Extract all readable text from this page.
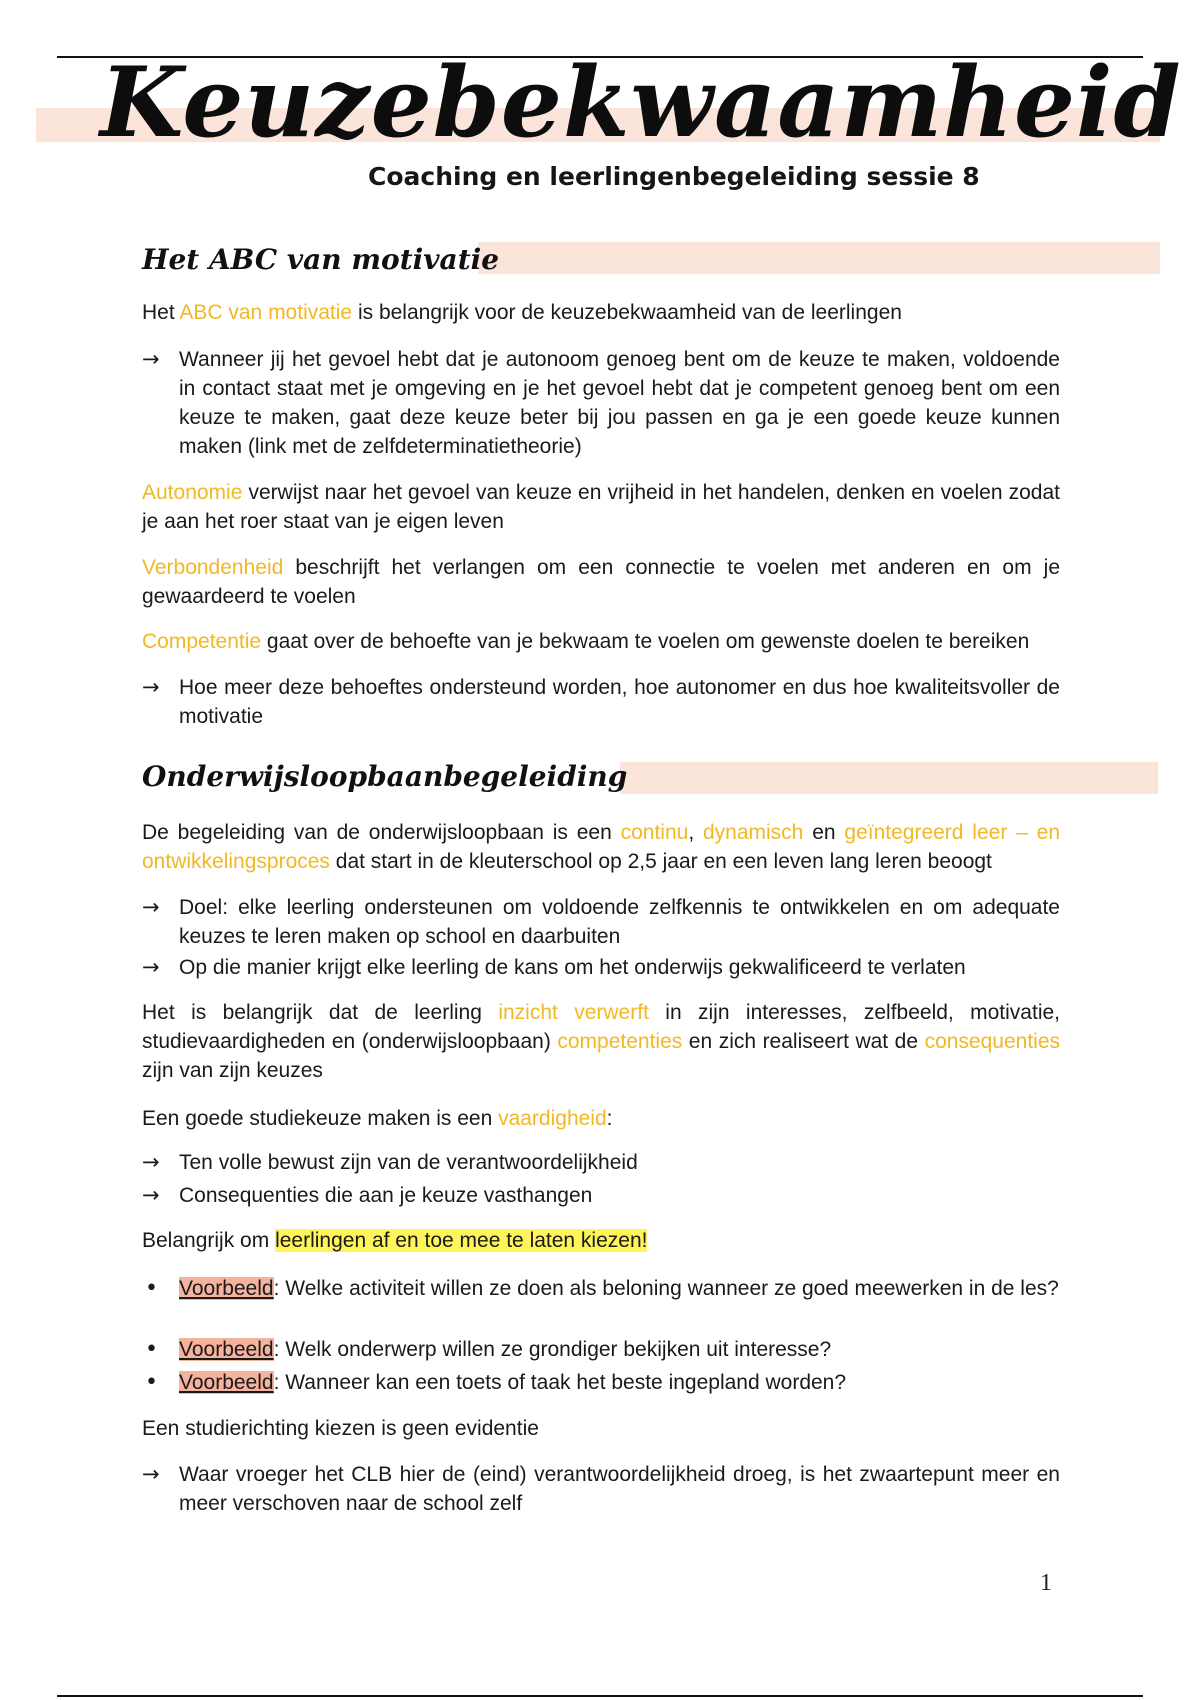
Keuzebekwaamheid
Coaching en leerlingenbegeleiding sessie 8
Het ABC van motivatie

Het ABC van motivatie is belangrijk voor de keuzebekwaamheid van de leerlingen

→ Wanneer jij het gevoel hebt dat je autonoom genoeg bent om de keuze te maken, voldoende in contact staat met je omgeving en je het gevoel hebt dat je competent genoeg bent om een keuze te maken, gaat deze keuze beter bij jou passen en ga je een goede keuze kunnen maken (link met de zelfdeterminatietheorie)

Autonomie verwijst naar het gevoel van keuze en vrijheid in het handelen, denken en voelen zodat je aan het roer staat van je eigen leven

Verbondenheid beschrijft het verlangen om een connectie te voelen met anderen en om je gewaardeerd te voelen

Competentie gaat over de behoefte van je bekwaam te voelen om gewenste doelen te bereiken

→ Hoe meer deze behoeftes ondersteund worden, hoe autonomer en dus hoe kwaliteitsvoller de motivatie
Onderwijsloopbaanbegeleiding

De begeleiding van de onderwijsloopbaan is een continu, dynamisch en geïntegreerd leer – en ontwikkelingsproces dat start in de kleuterschool op 2,5 jaar en een leven lang leren beoogt

→ Doel: elke leerling ondersteunen om voldoende zelfkennis te ontwikkelen en om adequate keuzes te leren maken op school en daarbuiten
→ Op die manier krijgt elke leerling de kans om het onderwijs gekwalificeerd te verlaten

Het is belangrijk dat de leerling inzicht verwerft in zijn interesses, zelfbeeld, motivatie, studievaardigheden en (onderwijsloopbaan) competenties en zich realiseert wat de consequenties zijn van zijn keuzes

Een goede studiekeuze maken is een vaardigheid:

→ Ten volle bewust zijn van de verantwoordelijkheid
→ Consequenties die aan je keuze vasthangen

Belangrijk om leerlingen af en toe mee te laten kiezen!

•	Voorbeeld: Welke activiteit willen ze doen als beloning wanneer ze goed meewerken in de les?
•	Voorbeeld: Welk onderwerp willen ze grondiger bekijken uit interesse?
•	Voorbeeld: Wanneer kan een toets of taak het beste ingepland worden?

Een studierichting kiezen is geen evidentie

→ Waar vroeger het CLB hier de (eind) verantwoordelijkheid droeg, is het zwaartepunt meer en meer verschoven naar de school zelf
1
